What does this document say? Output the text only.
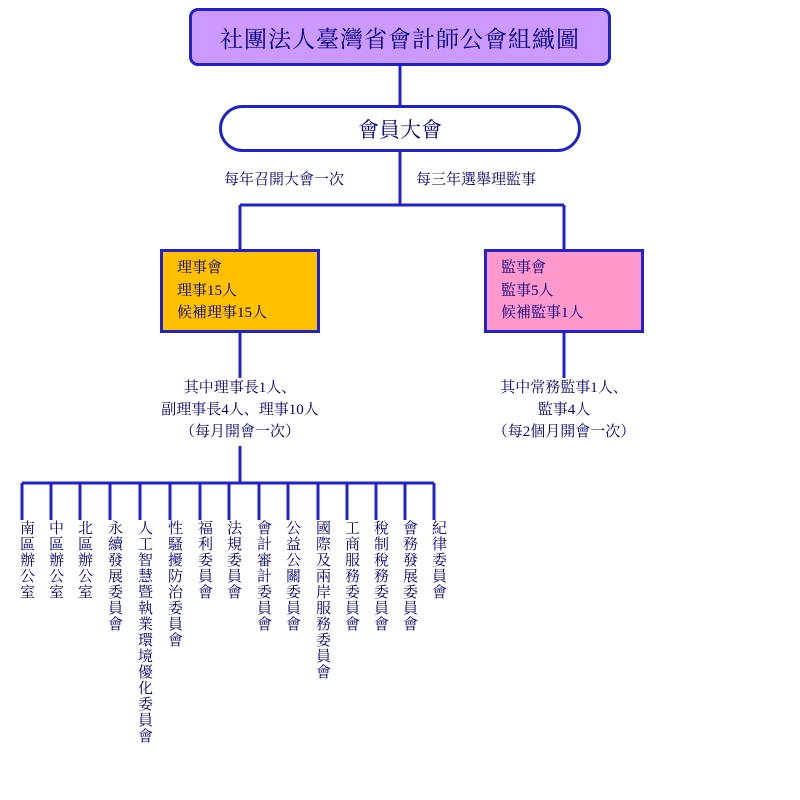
社團法人臺灣省會計師公會組織圖
會員大會
每年召開大會一次	每三年選舉理監事
理事會
理事15人
候補理事15人
監事會
監事5人
候補監事1人
其中理事長1人、
副理事長4人、理事10人
（每月開會一次）
其中常務監事1人、
監事4人
（每2個月開會一次）
南區辦公室 中區辦公室 北區辦公室 永續發展委員會 人工智慧暨執業環境優化委員會 性騷擾防治委員會 福利委員會 法規委員會 會計審計委員會 公益公關委員會 國際及兩岸服務委員會 工商服務委員會 稅制稅務委員會 會務發展委員會 紀律委員會
